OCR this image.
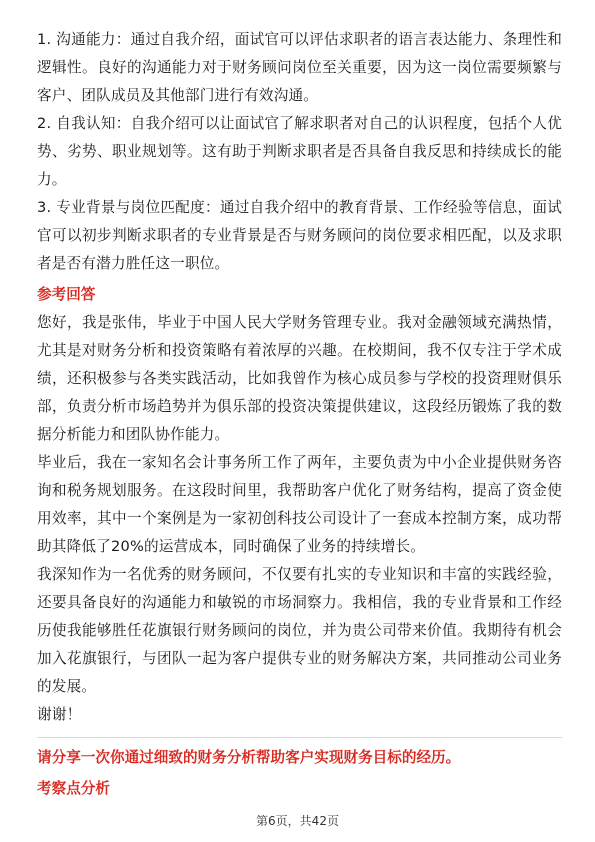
1. 沟通能力：通过自我介绍，面试官可以评估求职者的语言表达能力、条理性和逻辑性。良好的沟通能力对于财务顾问岗位至关重要，因为这一岗位需要频繁与客户、团队成员及其他部门进行有效沟通。

2. 自我认知：自我介绍可以让面试官了解求职者对自己的认识程度，包括个人优势、劣势、职业规划等。这有助于判断求职者是否具备自我反思和持续成长的能力。

3. 专业背景与岗位匹配度：通过自我介绍中的教育背景、工作经验等信息，面试官可以初步判断求职者的专业背景是否与财务顾问的岗位要求相匹配，以及求职者是否有潜力胜任这一职位。

参考回答

您好，我是张伟，毕业于中国人民大学财务管理专业。我对金融领域充满热情，尤其是对财务分析和投资策略有着浓厚的兴趣。在校期间，我不仅专注于学术成绩，还积极参与各类实践活动，比如我曾作为核心成员参与学校的投资理财俱乐部，负责分析市场趋势并为俱乐部的投资决策提供建议，这段经历锻炼了我的数据分析能力和团队协作能力。

毕业后，我在一家知名会计事务所工作了两年，主要负责为中小企业提供财务咨询和税务规划服务。在这段时间里，我帮助客户优化了财务结构，提高了资金使用效率，其中一个案例是为一家初创科技公司设计了一套成本控制方案，成功帮助其降低了20%的运营成本，同时确保了业务的持续增长。

我深知作为一名优秀的财务顾问，不仅要有扎实的专业知识和丰富的实践经验，还要具备良好的沟通能力和敏锐的市场洞察力。我相信，我的专业背景和工作经历使我能够胜任花旗银行财务顾问的岗位，并为贵公司带来价值。我期待有机会加入花旗银行，与团队一起为客户提供专业的财务解决方案，共同推动公司业务的发展。

谢谢！

请分享一次你通过细致的财务分析帮助客户实现财务目标的经历。

考察点分析

第6页，共42页
